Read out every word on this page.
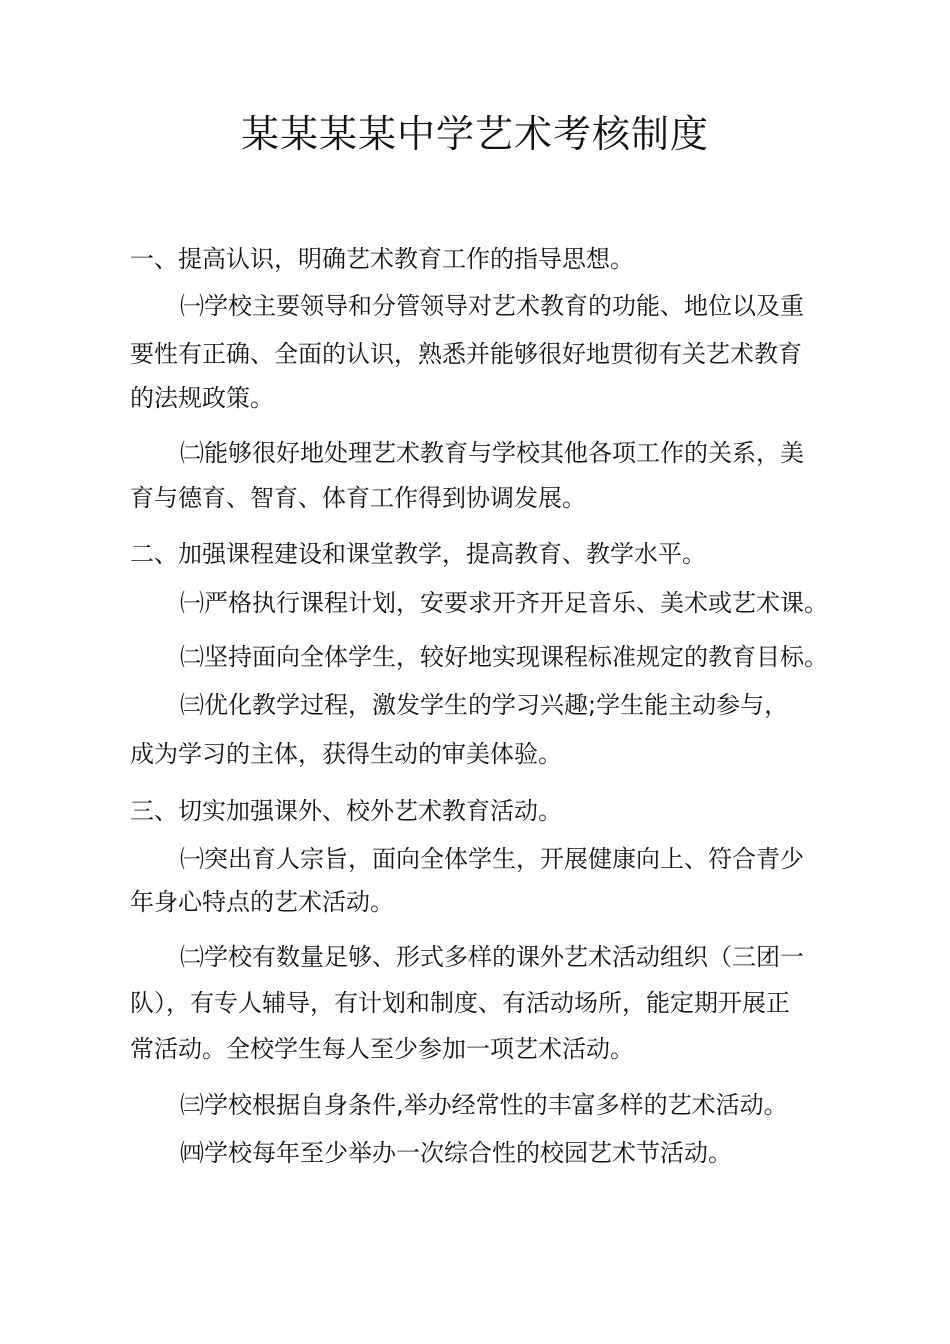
某某某某中学艺术考核制度
一、提高认识，明确艺术教育工作的指导思想。
㈠学校主要领导和分管领导对艺术教育的功能、地位以及重
要性有正确、全面的认识，熟悉并能够很好地贯彻有关艺术教育
的法规政策。
㈡能够很好地处理艺术教育与学校其他各项工作的关系，美
育与德育、智育、体育工作得到协调发展。
二、加强课程建设和课堂教学，提高教育、教学水平。
㈠严格执行课程计划，安要求开齐开足音乐、美术或艺术课。
㈡坚持面向全体学生，较好地实现课程标准规定的教育目标。
㈢优化教学过程，激发学生的学习兴趣;学生能主动参与，
成为学习的主体，获得生动的审美体验。
三、切实加强课外、校外艺术教育活动。
㈠突出育人宗旨，面向全体学生，开展健康向上、符合青少
年身心特点的艺术活动。
㈡学校有数量足够、形式多样的课外艺术活动组织（三团一
队），有专人辅导，有计划和制度、有活动场所，能定期开展正
常活动。全校学生每人至少参加一项艺术活动。
㈢学校根据自身条件,举办经常性的丰富多样的艺术活动。
㈣学校每年至少举办一次综合性的校园艺术节活动。
